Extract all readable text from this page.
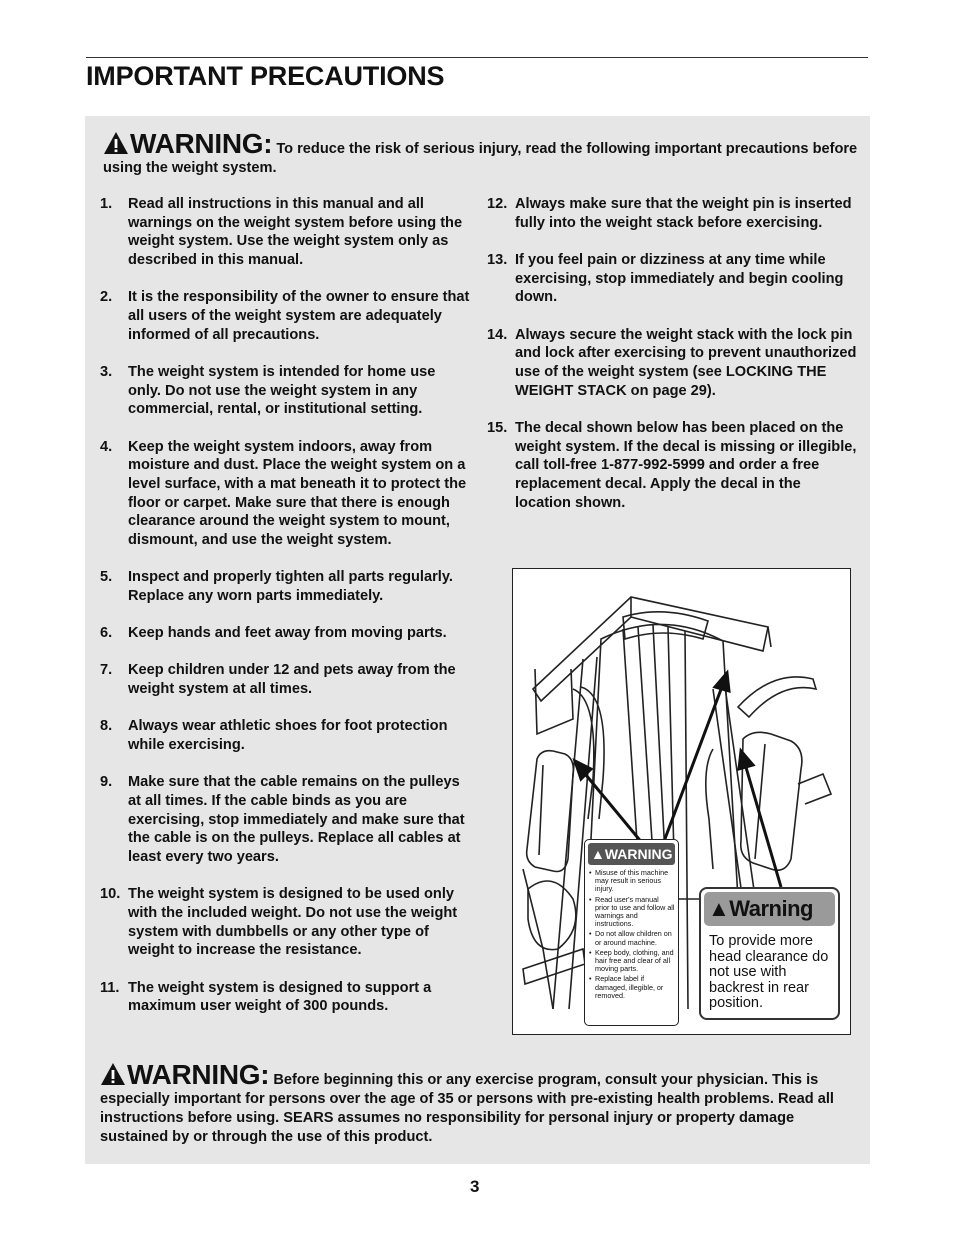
IMPORTANT PRECAUTIONS
WARNING: To reduce the risk of serious injury, read the following important precautions before using the weight system.
1. Read all instructions in this manual and all warnings on the weight system before using the weight system. Use the weight system only as described in this manual.
2. It is the responsibility of the owner to ensure that all users of the weight system are adequately informed of all precautions.
3. The weight system is intended for home use only. Do not use the weight system in any commercial, rental, or institutional setting.
4. Keep the weight system indoors, away from moisture and dust. Place the weight system on a level surface, with a mat beneath it to protect the floor or carpet. Make sure that there is enough clearance around the weight system to mount, dismount, and use the weight system.
5. Inspect and properly tighten all parts regularly. Replace any worn parts immediately.
6. Keep hands and feet away from moving parts.
7. Keep children under 12 and pets away from the weight system at all times.
8. Always wear athletic shoes for foot protection while exercising.
9. Make sure that the cable remains on the pulleys at all times. If the cable binds as you are exercising, stop immediately and make sure that the cable is on the pulleys. Replace all cables at least every two years.
10. The weight system is designed to be used only with the included weight. Do not use the weight system with dumbbells or any other type of weight to increase the resistance.
11. The weight system is designed to support a maximum user weight of 300 pounds.
12. Always make sure that the weight pin is inserted fully into the weight stack before exercising.
13. If you feel pain or dizziness at any time while exercising, stop immediately and begin cooling down.
14. Always secure the weight stack with the lock pin and lock after exercising to prevent unauthorized use of the weight system (see LOCKING THE WEIGHT STACK on page 29).
15. The decal shown below has been placed on the weight system. If the decal is missing or illegible, call toll-free 1-877-992-5999 and order a free replacement decal. Apply the decal in the location shown.
▲WARNING
• Misuse of this machine may result in serious injury.
• Read user's manual prior to use and follow all warnings and instructions.
• Do not allow children on or around machine.
• Keep body, clothing, and hair free and clear of all moving parts.
• Replace label if damaged, illegible, or removed.
▲Warning
To provide more head clearance do not use with backrest in rear position.
WARNING: Before beginning this or any exercise program, consult your physician. This is especially important for persons over the age of 35 or persons with pre-existing health problems. Read all instructions before using. SEARS assumes no responsibility for personal injury or property damage sustained by or through the use of this product.
3
